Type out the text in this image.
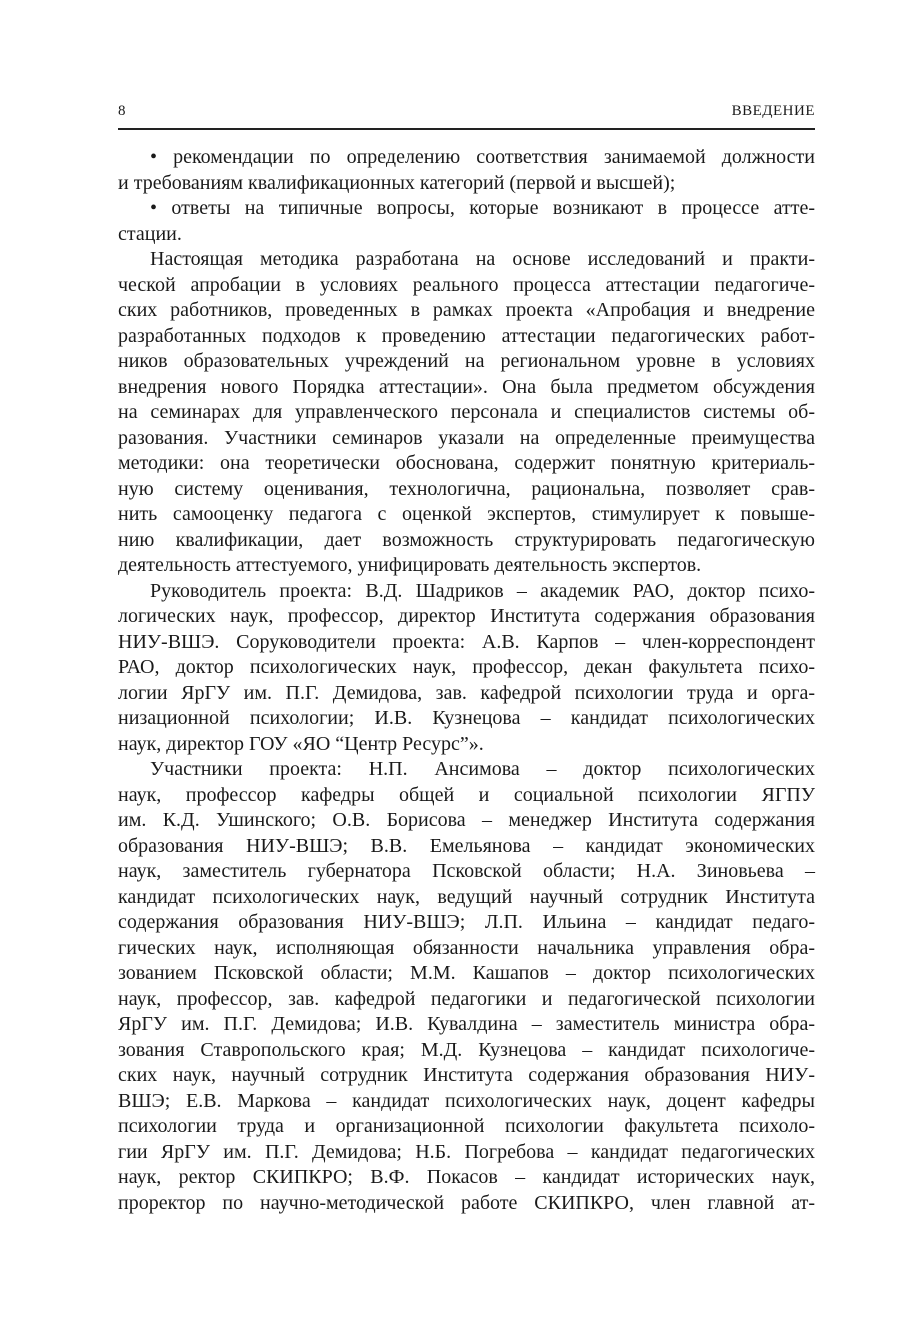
8	ВВЕДЕНИЕ
• рекомендации по определению соответствия занимаемой должности
и требованиям квалификационных категорий (первой и высшей);
• ответы на типичные вопросы, которые возникают в процессе атте-
стации.
Настоящая методика разработана на основе исследований и практи-
ческой апробации в условиях реального процесса аттестации педагогиче-
ских работников, проведенных в рамках проекта «Апробация и внедрение
разработанных подходов к проведению аттестации педагогических работ-
ников образовательных учреждений на региональном уровне в условиях
внедрения нового Порядка аттестации». Она была предметом обсуждения
на семинарах для управленческого персонала и специалистов системы об-
разования. Участники семинаров указали на определенные преимущества
методики: она теоретически обоснована, содержит понятную критериаль-
ную систему оценивания, технологична, рациональна, позволяет срав-
нить самооценку педагога с оценкой экспертов, стимулирует к повыше-
нию квалификации, дает возможность структурировать педагогическую
деятельность аттестуемого, унифицировать деятельность экспертов.
Руководитель проекта: В.Д. Шадриков – академик РАО, доктор психо-
логических наук, профессор, директор Института содержания образования
НИУ-ВШЭ. Соруководители проекта: А.В. Карпов – член-корреспондент
РАО, доктор психологических наук, профессор, декан факультета психо-
логии ЯрГУ им. П.Г. Демидова, зав. кафедрой психологии труда и орга-
низационной психологии; И.В. Кузнецова – кандидат психологических
наук, директор ГОУ «ЯО “Центр Ресурс”».
Участники проекта: Н.П. Ансимова – доктор психологических
наук, профессор кафедры общей и социальной психологии ЯГПУ
им. К.Д. Ушинского; О.В. Борисова – менеджер Института содержания
образования НИУ-ВШЭ; В.В. Емельянова – кандидат экономических
наук, заместитель губернатора Псковской области; Н.А. Зиновьева –
кандидат психологических наук, ведущий научный сотрудник Института
содержания образования НИУ-ВШЭ; Л.П. Ильина – кандидат педаго-
гических наук, исполняющая обязанности начальника управления обра-
зованием Псковской области; М.М. Кашапов – доктор психологических
наук, профессор, зав. кафедрой педагогики и педагогической психологии
ЯрГУ им. П.Г. Демидова; И.В. Кувалдина – заместитель министра обра-
зования Ставропольского края; М.Д. Кузнецова – кандидат психологиче-
ских наук, научный сотрудник Института содержания образования НИУ-
ВШЭ; Е.В. Маркова – кандидат психологических наук, доцент кафедры
психологии труда и организационной психологии факультета психоло-
гии ЯрГУ им. П.Г. Демидова; Н.Б. Погребова – кандидат педагогических
наук, ректор СКИПКРО; В.Ф. Покасов – кандидат исторических наук,
проректор по научно-методической работе СКИПКРО, член главной ат-
